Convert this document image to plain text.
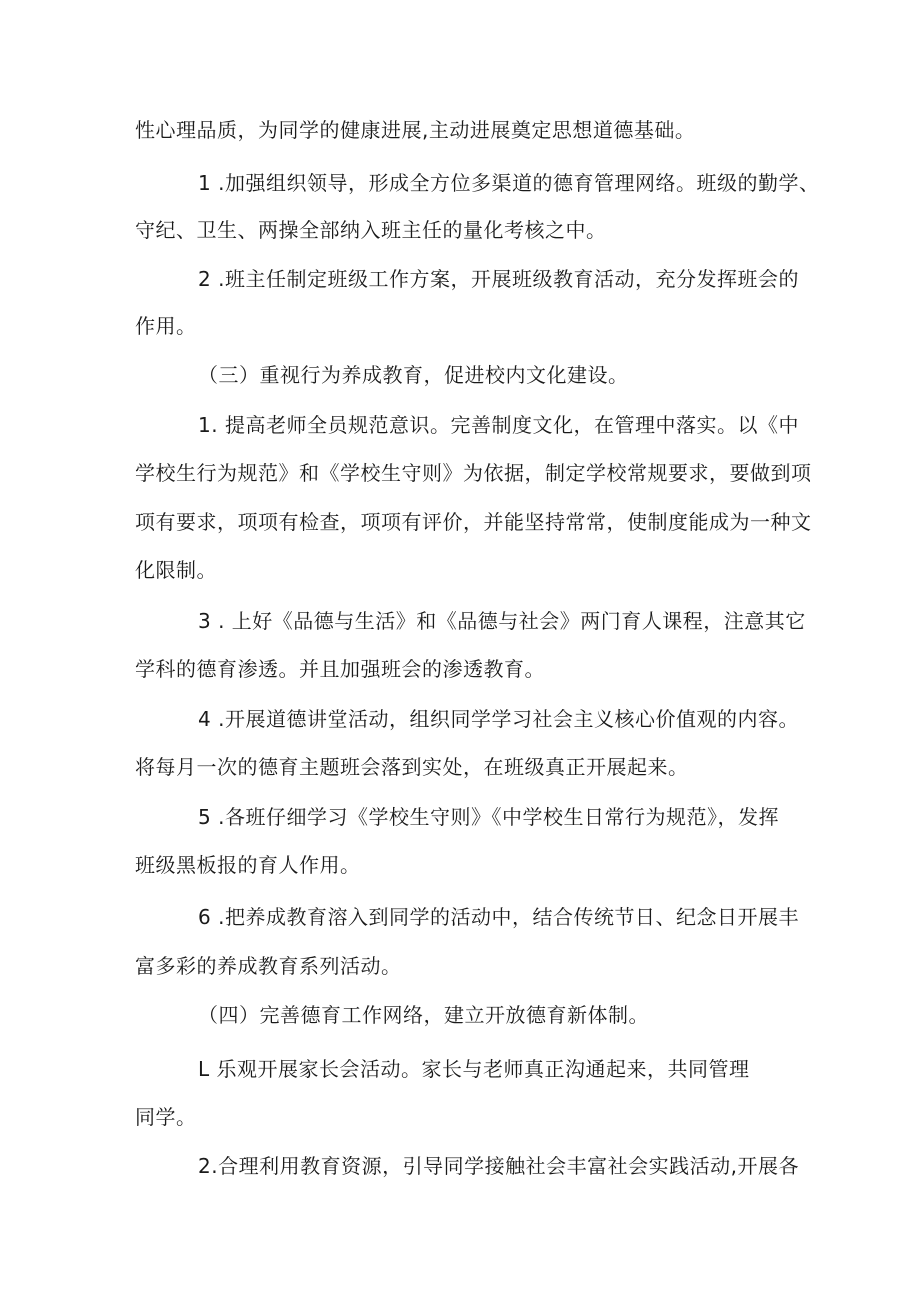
性心理品质，为同学的健康进展,主动进展奠定思想道德基础。
1 .加强组织领导，形成全方位多渠道的德育管理网络。班级的勤学、
守纪、卫生、两操全部纳入班主任的量化考核之中。
2 .班主任制定班级工作方案，开展班级教育活动，充分发挥班会的
作用。
（三）重视行为养成教育，促进校内文化建设。
1. 提高老师全员规范意识。完善制度文化，在管理中落实。以《中
学校生行为规范》和《学校生守则》为依据，制定学校常规要求，要做到项
项有要求，项项有检查，项项有评价，并能坚持常常，使制度能成为一种文
化限制。
3 . 上好《品德与生活》和《品德与社会》两门育人课程，注意其它
学科的德育渗透。并且加强班会的渗透教育。
4 .开展道德讲堂活动，组织同学学习社会主义核心价值观的内容。
将每月一次的德育主题班会落到实处，在班级真正开展起来。
5 .各班仔细学习《学校生守则》《中学校生日常行为规范》，发挥
班级黑板报的育人作用。
6 .把养成教育溶入到同学的活动中，结合传统节日、纪念日开展丰
富多彩的养成教育系列活动。
（四）完善德育工作网络，建立开放德育新体制。
L 乐观开展家长会活动。家长与老师真正沟通起来，共同管理
同学。
2.合理利用教育资源，引导同学接触社会丰富社会实践活动,开展各
